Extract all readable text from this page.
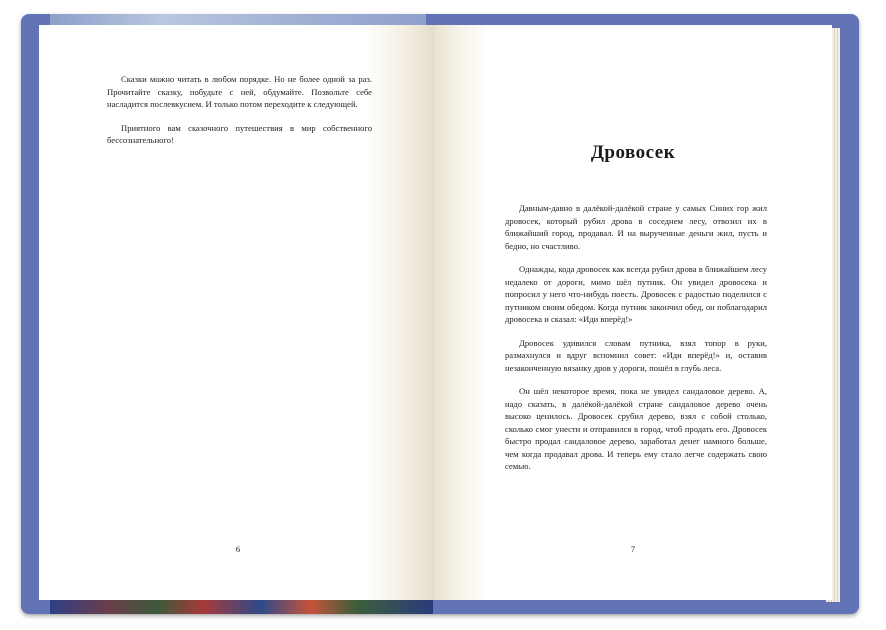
Сказки можно читать в любом порядке. Но не более одной за раз. Прочитайте сказку, побудьте с ней, обдумайте. Позвольте себе насладится послевкусием. И только потом переходите к следующей.

Приятного вам сказочного путешествия в мир собственного бессознательного!

6
Дровосек

Давным-давно в далёкой-далёкой стране у самых Синих гор жил дровосек, который рубил дрова в соседнем лесу, отвозил их в ближайший город, продавал. И на вырученные деньги жил, пусть и бедно, но счастливо.

Однажды, кода дровосек как всегда рубил дрова в ближайшем лесу недалеко от дороги, мимо шёл путник. Он увидел дровосека и попросил у него что-нибудь поесть. Дровосек с радостью поделился с путником своим обедом. Когда путник закончил обед, он поблагодарил дровосека и сказал: «Иди вперёд!»

Дровосек удивился словам путника, взял топор в руки, размахнулся и вдруг вспомнил совет: «Иди вперёд!» и, оставив незаконченную вязанку дров у дороги, пошёл в глубь леса.

Он шёл некоторое время, пока не увидел сандаловое дерево. А, надо сказать, в далёкой-далёкой стране сандаловое дерево очень высоко ценилось. Дровосек срубил дерево, взял с собой столько, сколько смог унести и отправился в город, чтоб продать его. Дровосек быстро продал сандаловое дерево, заработал денег намного больше, чем когда продавал дрова. И теперь ему стало легче содержать свою семью.

7
